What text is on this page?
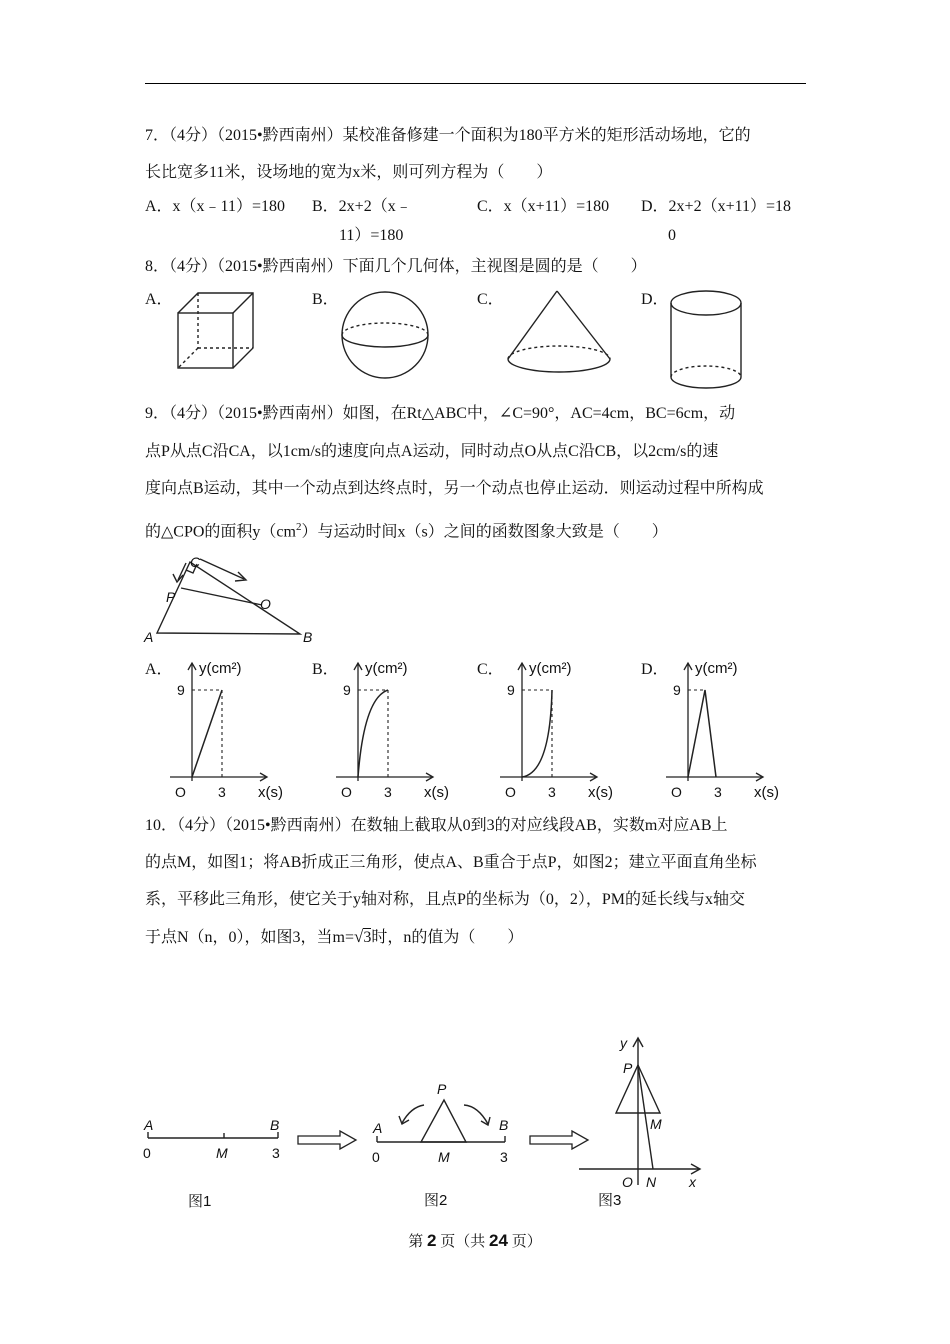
7．（4分）（2015•黔西南州）某校准备修建一个面积为180平方米的矩形活动场地，它的
长比宽多11米，设场地的宽为x米，则可列方程为（　　）
A．x（x﹣11）=180 B．2x+2（x﹣
11）=180
C．x（x+11）=180 D．2x+2（x+11）=18
0
8．（4分）（2015•黔西南州）下面几个几何体，主视图是圆的是（　　）
A．	B．	C．	D．
9．（4分）（2015•黔西南州）如图，在Rt△ABC中，∠C=90°，AC=4cm，BC=6cm，动
点P从点C沿CA，以1cm/s的速度向点A运动，同时动点O从点C沿CB，以2cm/s的速
度向点B运动，其中一个动点到达终点时，另一个动点也停止运动．则运动过程中所构成
的△CPO的面积$y(cm^2)$与运动时间x（s）之间的函数图象大致是（　　）
C
P	O
A	B
A．	B．	C．	D．
y(cm²)
9
3
O	x(s)
y(cm²)
9
3
O	x(s)
y(cm²)
9
3
O	x(s)
y(cm²)
9
3
O	x(s)
10．（4分）（2015•黔西南州）在数轴上截取从0到3的对应线段AB，实数m对应AB上
的点M，如图1；将AB折成正三角形，使点A、B重合于点P，如图2；建立平面直角坐标
系，平移此三角形，使它关于y轴对称，且点P的坐标为（0，2），PM的延长线与x轴交
于点N（n，0），如图3，当m=√3时，n的值为（　　）
A	B
0	M	3
图1
P
A	B
0	M	3
图2
y
P
M
O N x
图3
第 2 页（共 24 页）
